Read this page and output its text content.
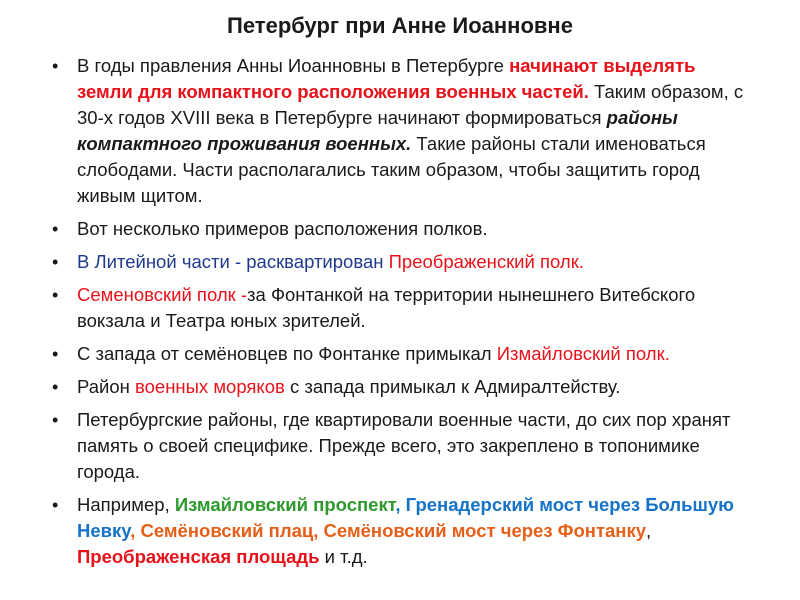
Петербург при Анне Иоанновне
• В годы правления Анны Иоанновны в Петербурге начинают выделять земли для компактного расположения военных частей. Таким образом, с 30-х годов XVIII века в Петербурге начинают формироваться районы компактного проживания военных. Такие районы стали именоваться слободами. Части располагались таким образом, чтобы защитить город живым щитом.
• Вот несколько примеров расположения полков.
• В Литейной части - расквартирован Преображенский полк.
• Семеновский полк -за Фонтанкой на территории нынешнего Витебского вокзала и Театра юных зрителей.
• С запада от семёновцев по Фонтанке примыкал Измайловский полк.
• Район военных моряков с запада примыкал к Адмиралтейству.
• Петербургские районы, где квартировали военные части, до сих пор хранят память о своей специфике. Прежде всего, это закреплено в топонимике города.
• Например, Измайловский проспект, Гренадерский мост через Большую Невку, Семёновский плац, Семёновский мост через Фонтанку, Преображенская площадь и т.д.
